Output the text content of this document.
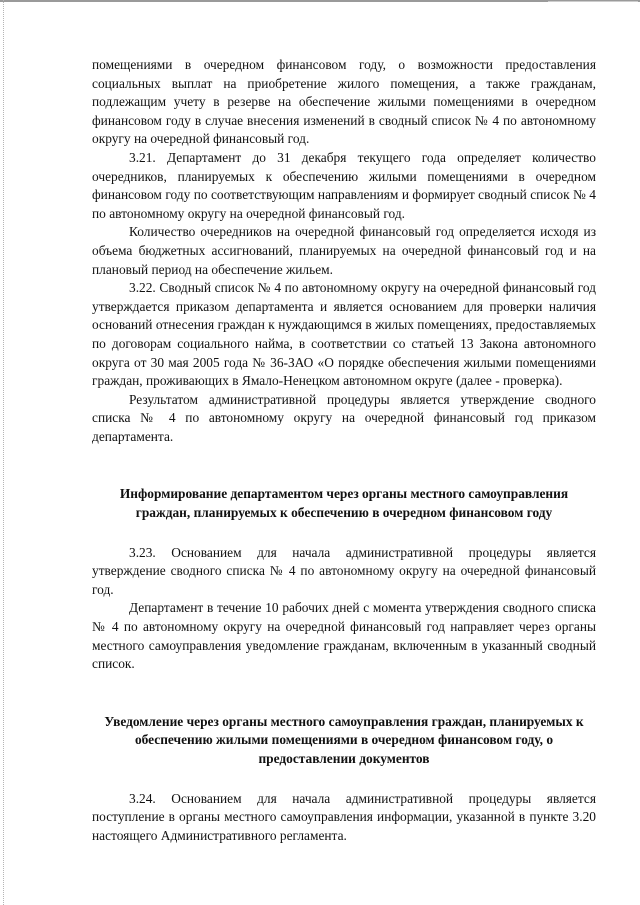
помещениями в очередном финансовом году, о возможности предоставления социальных выплат на приобретение жилого помещения, а также гражданам, подлежащим учету в резерве на обеспечение жилыми помещениями в очередном финансовом году в случае внесения изменений в сводный список № 4 по автономному округу на очередной финансовый год.

3.21. Департамент до 31 декабря текущего года определяет количество очередников, планируемых к обеспечению жилыми помещениями в очередном финансовом году по соответствующим направлениям и формирует сводный список № 4 по автономному округу на очередной финансовый год.

Количество очередников на очередной финансовый год определяется исходя из объема бюджетных ассигнований, планируемых на очередной финансовый год и на плановый период на обеспечение жильем.

3.22. Сводный список № 4 по автономному округу на очередной финансовый год утверждается приказом департамента и является основанием для проверки наличия оснований отнесения граждан к нуждающимся в жилых помещениях, предоставляемых по договорам социального найма, в соответствии со статьей 13 Закона автономного округа от 30 мая 2005 года № 36-ЗАО «О порядке обеспечения жилыми помещениями граждан, проживающих в Ямало-Ненецком автономном округе (далее - проверка).

Результатом административной процедуры является утверждение сводного списка № 4 по автономному округу на очередной финансовый год приказом департамента.

Информирование департаментом через органы местного самоуправления граждан, планируемых к обеспечению в очередном финансовом году

3.23. Основанием для начала административной процедуры является утверждение сводного списка № 4 по автономному округу на очередной финансовый год.

Департамент в течение 10 рабочих дней с момента утверждения сводного списка № 4 по автономному округу на очередной финансовый год направляет через органы местного самоуправления уведомление гражданам, включенным в указанный сводный список.

Уведомление через органы местного самоуправления граждан, планируемых к обеспечению жилыми помещениями в очередном финансовом году, о предоставлении документов

3.24. Основанием для начала административной процедуры является поступление в органы местного самоуправления информации, указанной в пункте 3.20 настоящего Административного регламента.
